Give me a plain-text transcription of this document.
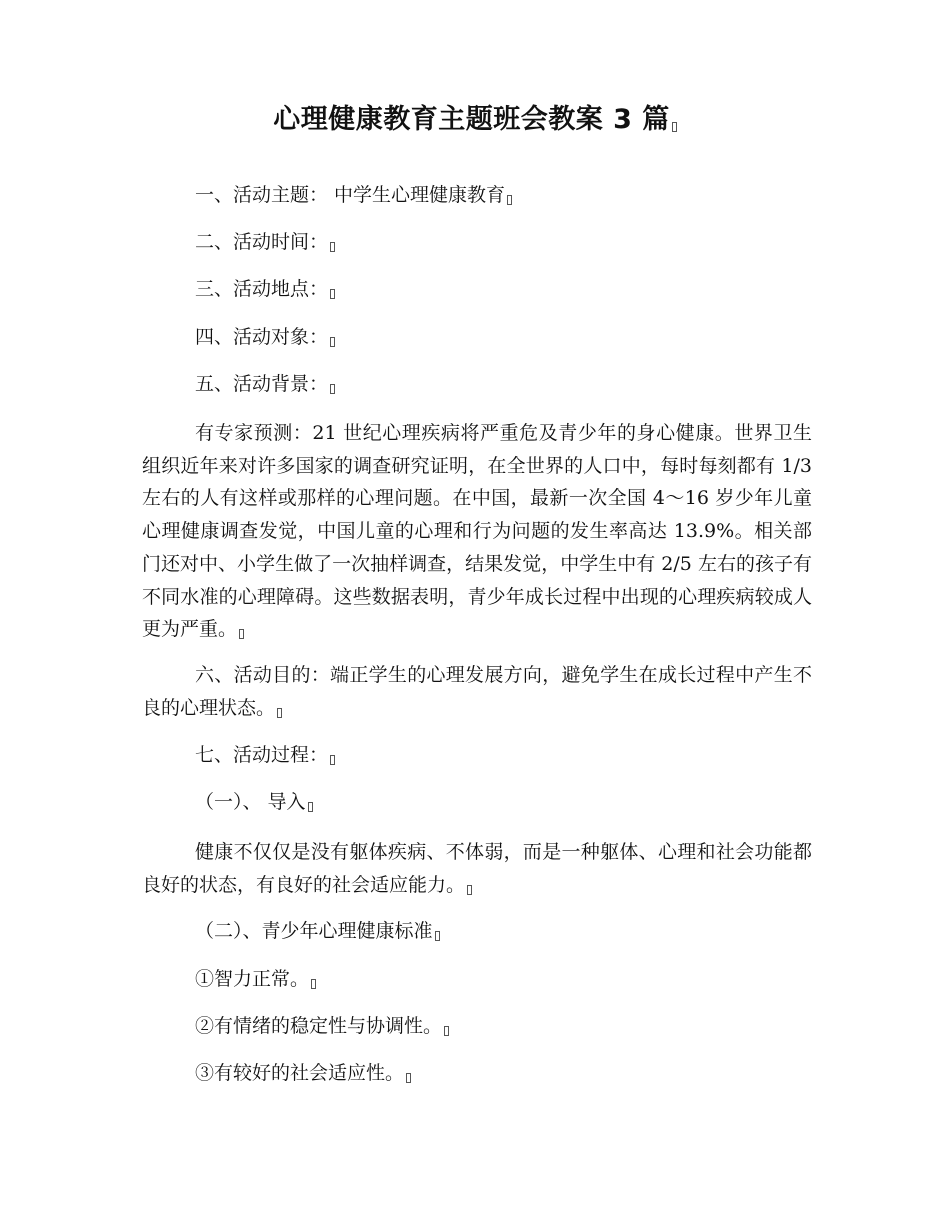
心理健康教育主题班会教案 3 篇
一、活动主题： 中学生心理健康教育
二、活动时间：
三、活动地点：
四、活动对象：
五、活动背景：
有专家预测：21 世纪心理疾病将严重危及青少年的身心健康。世界卫生组织近年来对许多国家的调查研究证明，在全世界的人口中，每时每刻都有 1/3 左右的人有这样或那样的心理问题。在中国，最新一次全国 4～16 岁少年儿童心理健康调查发觉，中国儿童的心理和行为问题的发生率高达 13.9%。相关部门还对中、小学生做了一次抽样调查，结果发觉，中学生中有 2/5 左右的孩子有不同水准的心理障碍。这些数据表明，青少年成长过程中出现的心理疾病较成人更为严重。
六、活动目的：端正学生的心理发展方向，避免学生在成长过程中产生不良的心理状态。
七、活动过程：
（一）、 导入
健康不仅仅是没有躯体疾病、不体弱，而是一种躯体、心理和社会功能都良好的状态，有良好的社会适应能力。
（二）、青少年心理健康标准
①智力正常。
②有情绪的稳定性与协调性。
③有较好的社会适应性。
